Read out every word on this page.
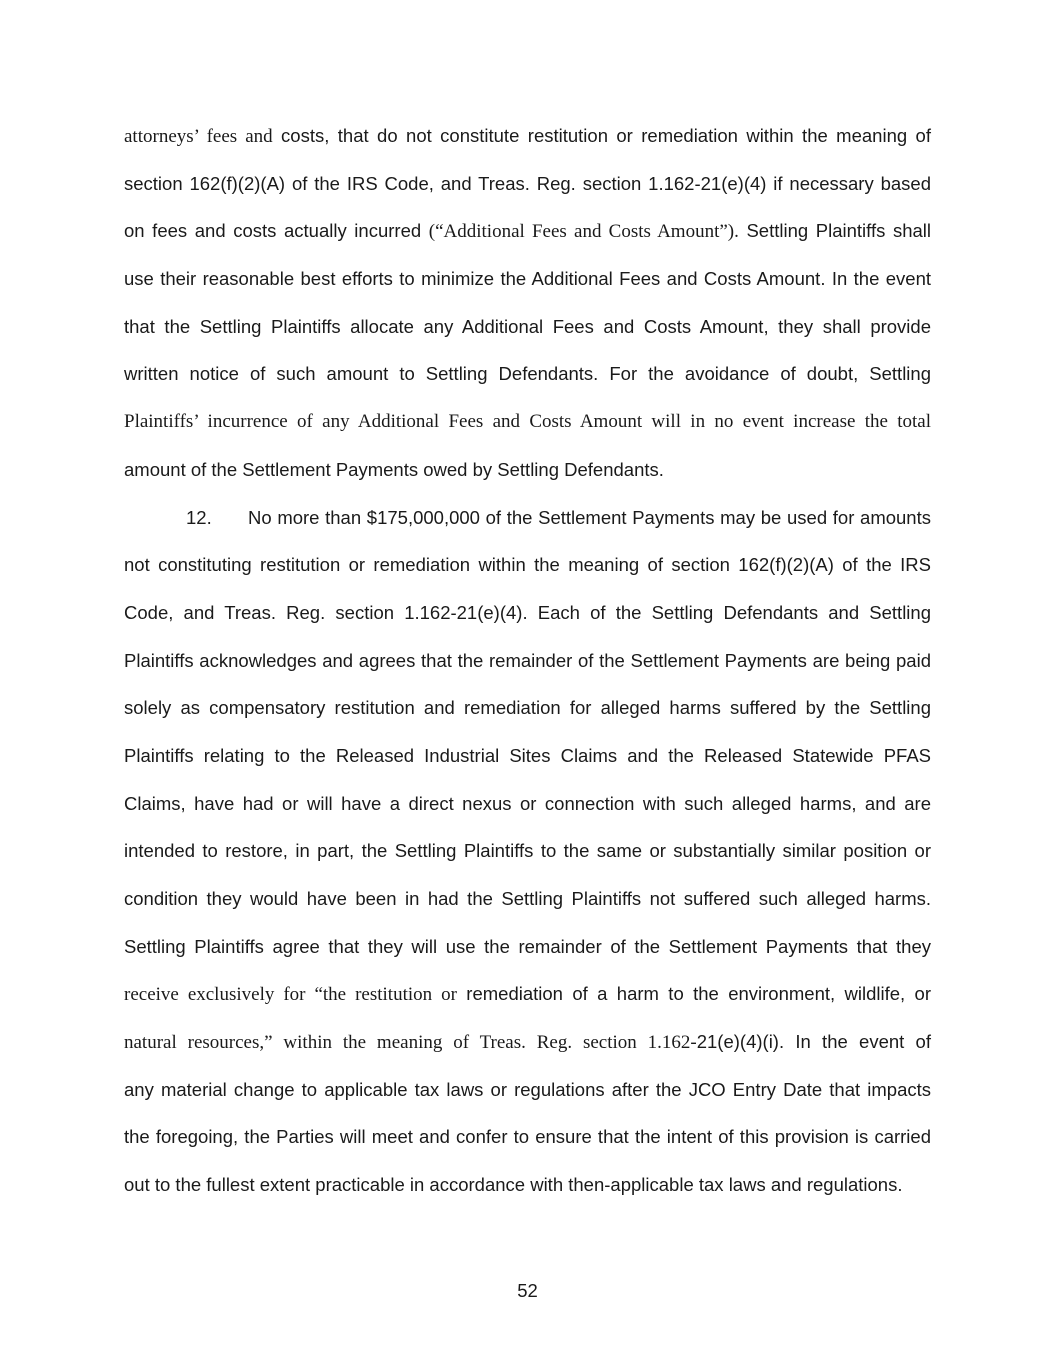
attorneys’ fees and costs, that do not constitute restitution or remediation within the meaning of
section 162(f)(2)(A) of the IRS Code, and Treas. Reg. section 1.162-21(e)(4) if necessary based
on fees and costs actually incurred (“Additional Fees and Costs Amount”). Settling Plaintiffs shall
use their reasonable best efforts to minimize the Additional Fees and Costs Amount. In the event
that the Settling Plaintiffs allocate any Additional Fees and Costs Amount, they shall provide
written notice of such amount to Settling Defendants. For the avoidance of doubt, Settling
Plaintiffs’ incurrence of any Additional Fees and Costs Amount will in no event increase the total
amount of the Settlement Payments owed by Settling Defendants.
12. No more than $175,000,000 of the Settlement Payments may be used for amounts
not constituting restitution or remediation within the meaning of section 162(f)(2)(A) of the IRS
Code, and Treas. Reg. section 1.162-21(e)(4). Each of the Settling Defendants and Settling
Plaintiffs acknowledges and agrees that the remainder of the Settlement Payments are being paid
solely as compensatory restitution and remediation for alleged harms suffered by the Settling
Plaintiffs relating to the Released Industrial Sites Claims and the Released Statewide PFAS
Claims, have had or will have a direct nexus or connection with such alleged harms, and are
intended to restore, in part, the Settling Plaintiffs to the same or substantially similar position or
condition they would have been in had the Settling Plaintiffs not suffered such alleged harms.
Settling Plaintiffs agree that they will use the remainder of the Settlement Payments that they
receive exclusively for “the restitution or remediation of a harm to the environment, wildlife, or
natural resources,” within the meaning of Treas. Reg. section 1.162-21(e)(4)(i). In the event of
any material change to applicable tax laws or regulations after the JCO Entry Date that impacts
the foregoing, the Parties will meet and confer to ensure that the intent of this provision is carried
out to the fullest extent practicable in accordance with then-applicable tax laws and regulations.
52
